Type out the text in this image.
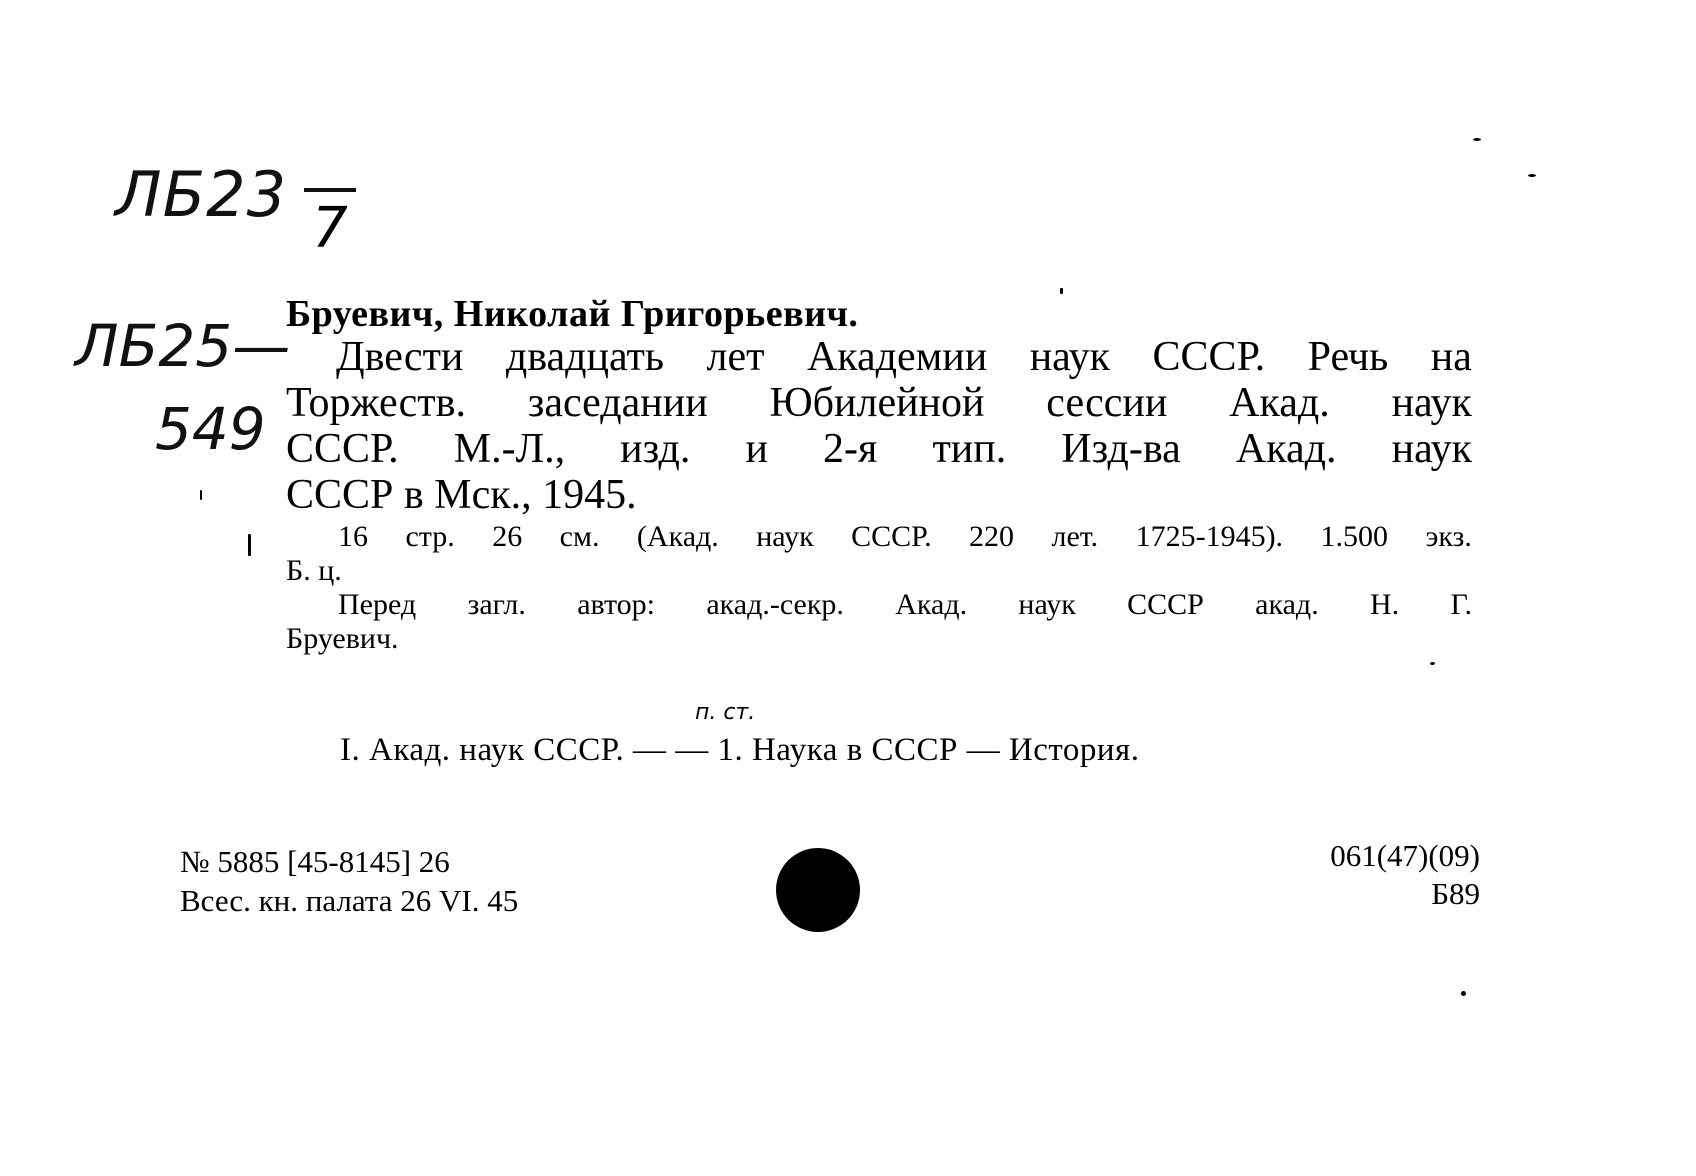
ЛБ23 7
ЛБ25—
549
Бруевич, Николай Григорьевич.
Двести двадцать лет Академии наук СССР. Речь на
Торжеств. заседании Юбилейной сессии Акад. наук
СССР. М.-Л., изд. и 2-я тип. Изд-ва Акад. наук
СССР в Мск., 1945.
16 стр. 26 см. (Акад. наук СССР. 220 лет. 1725-1945). 1.500 экз.
Б. ц.
Перед загл. автор: акад.-секр. Акад. наук СССР акад. Н. Г.
Бруевич.
п. ст.
I. Акад. наук СССР. — — 1. Наука в СССР — История.
№ 5885 [45-8145] 26
Всес. кн. палата 26 VI. 45
061(47)(09)
Б89
